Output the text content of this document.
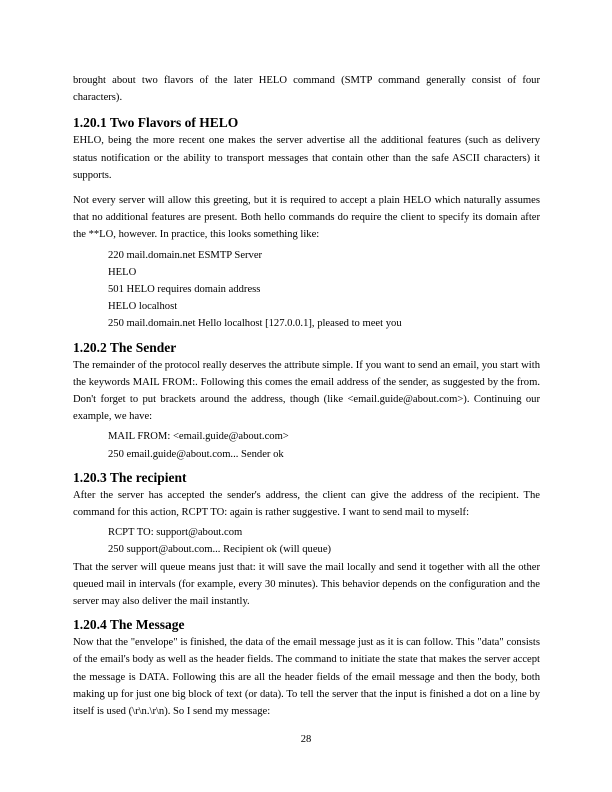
brought about two flavors of the later HELO command (SMTP command generally consist of four characters).

1.20.1 Two Flavors of HELO

EHLO, being the more recent one makes the server advertise all the additional features (such as delivery status notification or the ability to transport messages that contain other than the safe ASCII characters) it supports.

Not every server will allow this greeting, but it is required to accept a plain HELO which naturally assumes that no additional features are present. Both hello commands do require the client to specify its domain after the **LO, however. In practice, this looks something like:

220 mail.domain.net ESMTP Server
HELO
501 HELO requires domain address
HELO localhost
250 mail.domain.net Hello localhost [127.0.0.1], pleased to meet you
1.20.2 The Sender

The remainder of the protocol really deserves the attribute simple. If you want to send an email, you start with the keywords MAIL FROM:. Following this comes the email address of the sender, as suggested by the from. Don't forget to put brackets around the address, though (like <email.guide@about.com>). Continuing our example, we have:

MAIL FROM: <email.guide@about.com>
250 email.guide@about.com... Sender ok
1.20.3 The recipient

After the server has accepted the sender's address, the client can give the address of the recipient. The command for this action, RCPT TO: again is rather suggestive. I want to send mail to myself:

RCPT TO: support@about.com
250 support@about.com... Recipient ok (will queue)

That the server will queue means just that: it will save the mail locally and send it together with all the other queued mail in intervals (for example, every 30 minutes). This behavior depends on the configuration and the server may also deliver the mail instantly.

1.20.4 The Message

Now that the "envelope" is finished, the data of the email message just as it is can follow. This "data" consists of the email's body as well as the header fields. The command to initiate the state that makes the server accept the message is DATA. Following this are all the header fields of the email message and then the body, both making up for just one big block of text (or data). To tell the server that the input is finished a dot on a line by itself is used (\r\n.\r\n). So I send my message:

28
